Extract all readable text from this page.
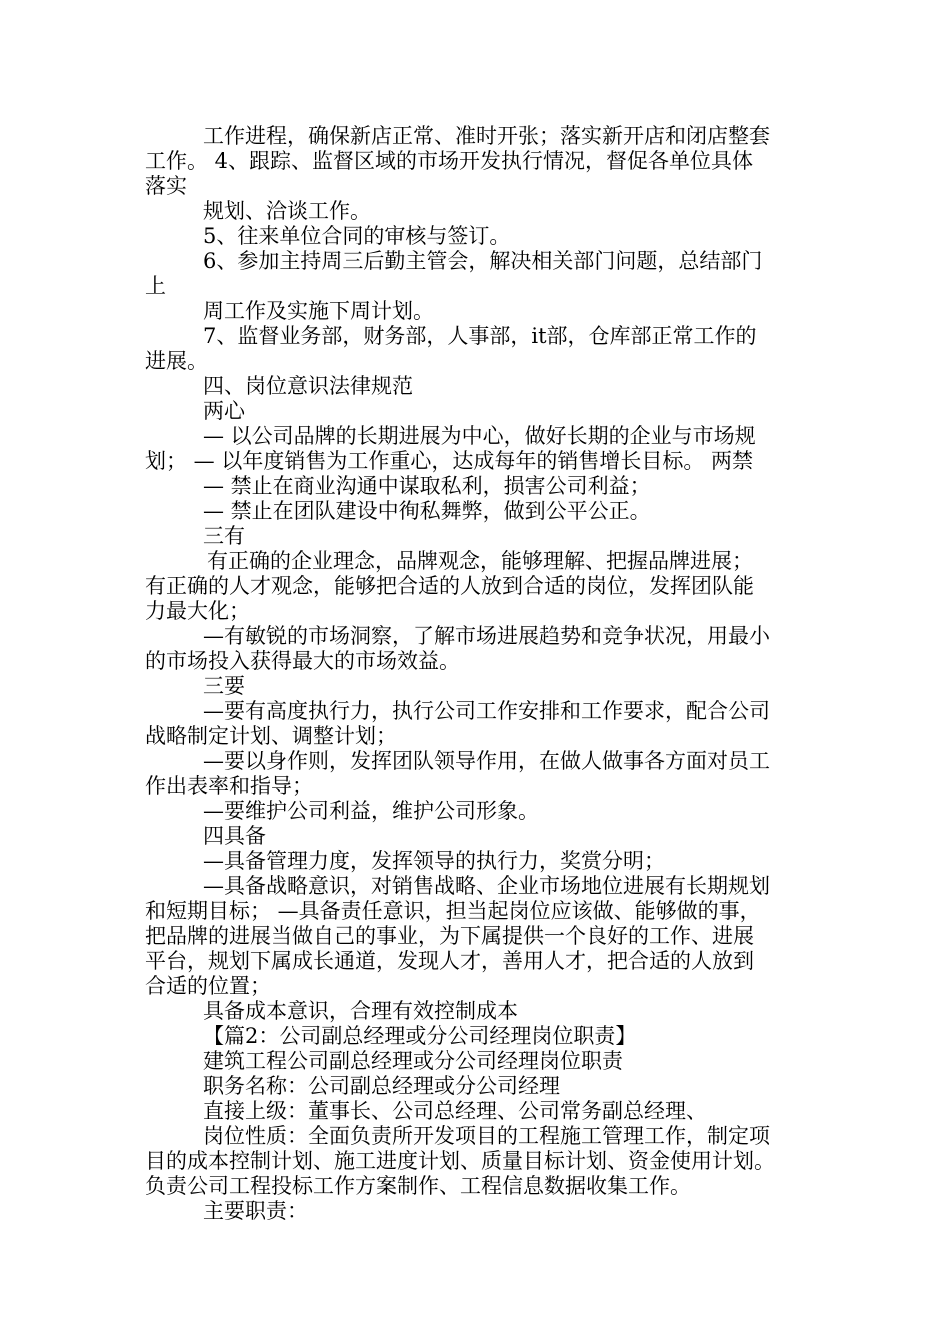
工作进程，确保新店正常、准时开张；落实新开店和闭店整套
工作。 4、跟踪、监督区域的市场开发执行情况，督促各单位具体
落实
规划、洽谈工作。
5、往来单位合同的审核与签订。
6、参加主持周三后勤主管会，解决相关部门问题，总结部门
上
周工作及实施下周计划。
7、监督业务部，财务部，人事部，it部，仓库部正常工作的
进展。
四、岗位意识法律规范
两心
— 以公司品牌的长期进展为中心，做好长期的企业与市场规
划； — 以年度销售为工作重心，达成每年的销售增长目标。 两禁
— 禁止在商业沟通中谋取私利，损害公司利益；
— 禁止在团队建设中徇私舞弊，做到公平公正。
三有
有正确的企业理念，品牌观念，能够理解、把握品牌进展；
有正确的人才观念，能够把合适的人放到合适的岗位，发挥团队能
力最大化；
—有敏锐的市场洞察，了解市场进展趋势和竞争状况，用最小
的市场投入获得最大的市场效益。
三要
—要有高度执行力，执行公司工作安排和工作要求，配合公司
战略制定计划、调整计划；
—要以身作则，发挥团队领导作用，在做人做事各方面对员工
作出表率和指导；
—要维护公司利益，维护公司形象。
四具备
—具备管理力度，发挥领导的执行力，奖赏分明；
—具备战略意识，对销售战略、企业市场地位进展有长期规划
和短期目标； —具备责任意识，担当起岗位应该做、能够做的事，
把品牌的进展当做自己的事业，为下属提供一个良好的工作、进展
平台，规划下属成长通道，发现人才，善用人才，把合适的人放到
合适的位置；
具备成本意识，合理有效控制成本
【篇2：公司副总经理或分公司经理岗位职责】
建筑工程公司副总经理或分公司经理岗位职责
职务名称：公司副总经理或分公司经理
直接上级：董事长、公司总经理、公司常务副总经理、
岗位性质：全面负责所开发项目的工程施工管理工作，制定项
目的成本控制计划、施工进度计划、质量目标计划、资金使用计划。
负责公司工程投标工作方案制作、工程信息数据收集工作。
主要职责：
